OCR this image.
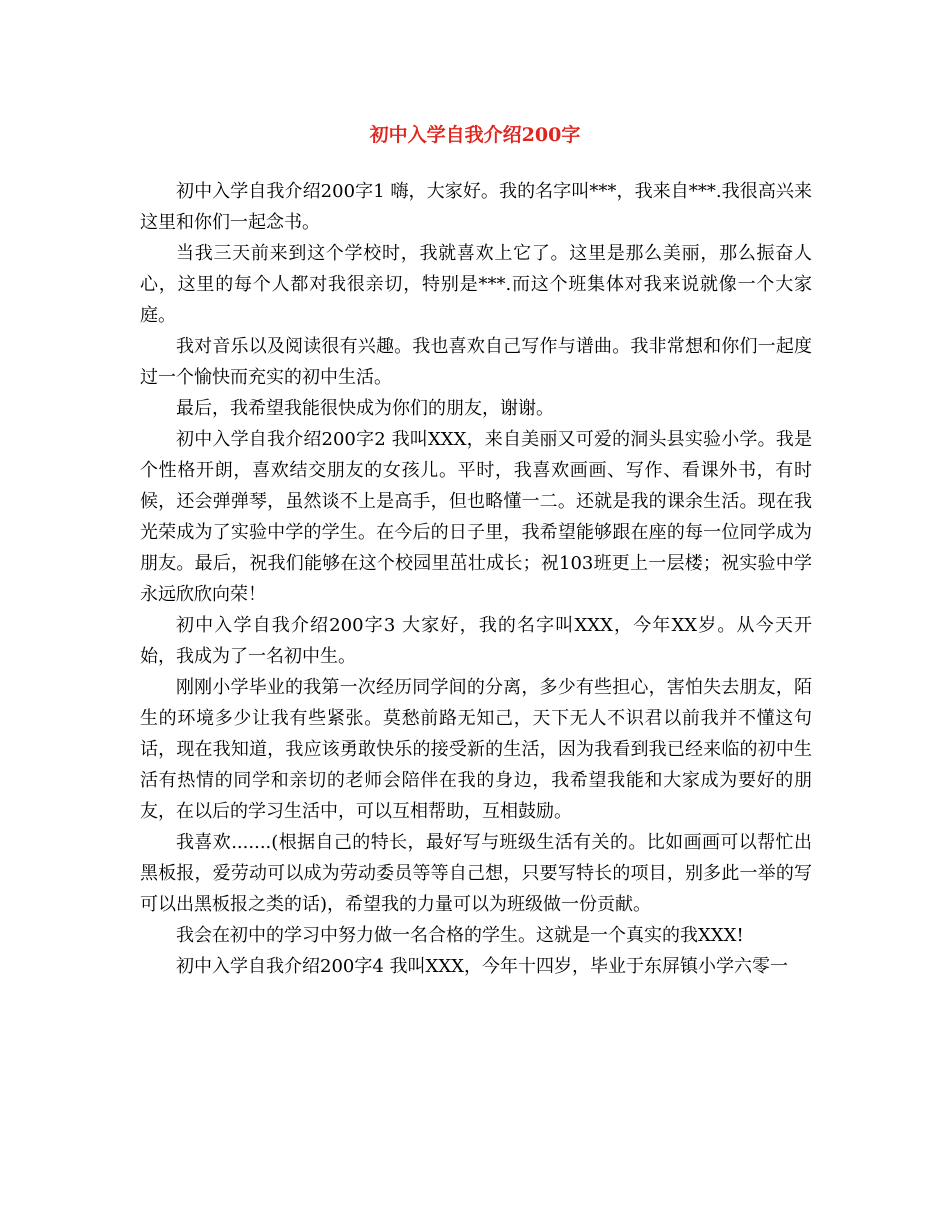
初中入学自我介绍200字

初中入学自我介绍200字1 嗨，大家好。我的名字叫***，我来自***.我很高兴来这里和你们一起念书。

当我三天前来到这个学校时，我就喜欢上它了。这里是那么美丽，那么振奋人心，这里的每个人都对我很亲切，特别是***.而这个班集体对我来说就像一个大家庭。

我对音乐以及阅读很有兴趣。我也喜欢自己写作与谱曲。我非常想和你们一起度过一个愉快而充实的初中生活。

最后，我希望我能很快成为你们的朋友，谢谢。

初中入学自我介绍200字2 我叫XXX，来自美丽又可爱的洞头县实验小学。我是个性格开朗，喜欢结交朋友的女孩儿。平时，我喜欢画画、写作、看课外书，有时候，还会弹弹琴，虽然谈不上是高手，但也略懂一二。还就是我的课余生活。现在我光荣成为了实验中学的学生。在今后的日子里，我希望能够跟在座的每一位同学成为朋友。最后，祝我们能够在这个校园里茁壮成长；祝103班更上一层楼；祝实验中学永远欣欣向荣！

初中入学自我介绍200字3 大家好，我的名字叫XXX，今年XX岁。从今天开始，我成为了一名初中生。

刚刚小学毕业的我第一次经历同学间的分离，多少有些担心，害怕失去朋友，陌生的环境多少让我有些紧张。莫愁前路无知己，天下无人不识君以前我并不懂这句话，现在我知道，我应该勇敢快乐的接受新的生活，因为我看到我已经来临的初中生活有热情的同学和亲切的老师会陪伴在我的身边，我希望我能和大家成为要好的朋友，在以后的学习生活中，可以互相帮助，互相鼓励。

我喜欢.......(根据自己的特长，最好写与班级生活有关的。比如画画可以帮忙出黑板报，爱劳动可以成为劳动委员等等自己想，只要写特长的项目，别多此一举的写可以出黑板报之类的话)，希望我的力量可以为班级做一份贡献。

我会在初中的学习中努力做一名合格的学生。这就是一个真实的我XXX!

初中入学自我介绍200字4 我叫XXX，今年十四岁，毕业于东屏镇小学六零一
